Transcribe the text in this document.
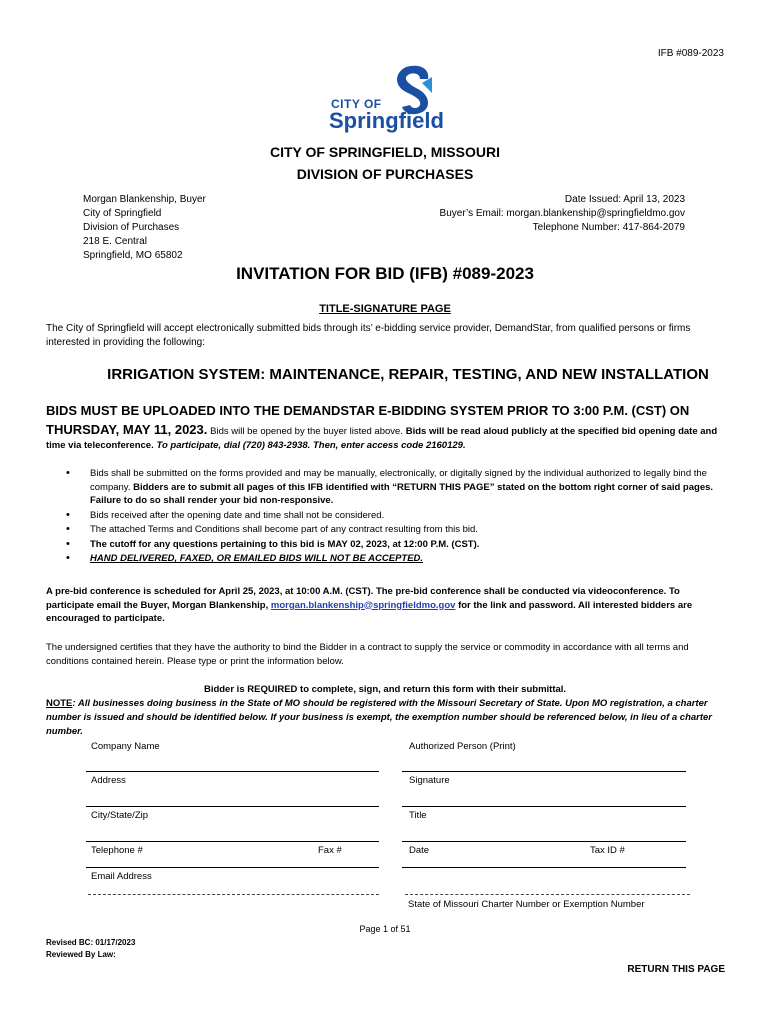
IFB #089-2023
CITY OF
Springfield
CITY OF SPRINGFIELD, MISSOURI
DIVISION OF PURCHASES
Morgan Blankenship, Buyer
City of Springfield
Division of Purchases
218 E. Central
Springfield, MO 65802
Date Issued: April 13, 2023
Buyer’s Email: morgan.blankenship@springfieldmo.gov
Telephone Number: 417-864-2079
INVITATION FOR BID (IFB) #089-2023
TITLE-SIGNATURE PAGE
The City of Springfield will accept electronically submitted bids through its’ e-bidding service provider, DemandStar, from qualified persons or firms interested in providing the following:
IRRIGATION SYSTEM: MAINTENANCE, REPAIR, TESTING, AND NEW INSTALLATION
BIDS MUST BE UPLOADED INTO THE DEMANDSTAR E-BIDDING SYSTEM PRIOR TO 3:00 P.M. (CST) ON THURSDAY, MAY 11, 2023. Bids will be opened by the buyer listed above. Bids will be read aloud publicly at the specified bid opening date and time via teleconference. To participate, dial (720) 843-2938. Then, enter access code 2160129.
• Bids shall be submitted on the forms provided and may be manually, electronically, or digitally signed by the individual authorized to legally bind the company. Bidders are to submit all pages of this IFB identified with “RETURN THIS PAGE” stated on the bottom right corner of said pages. Failure to do so shall render your bid non-responsive.
• Bids received after the opening date and time shall not be considered.
• The attached Terms and Conditions shall become part of any contract resulting from this bid.
• The cutoff for any questions pertaining to this bid is MAY 02, 2023, at 12:00 P.M. (CST).
• HAND DELIVERED, FAXED, OR EMAILED BIDS WILL NOT BE ACCEPTED.
A pre-bid conference is scheduled for April 25, 2023, at 10:00 A.M. (CST). The pre-bid conference shall be conducted via videoconference. To participate email the Buyer, Morgan Blankenship, morgan.blankenship@springfieldmo.gov for the link and password. All interested bidders are encouraged to participate.
The undersigned certifies that they have the authority to bind the Bidder in a contract to supply the service or commodity in accordance with all terms and conditions contained herein. Please type or print the information below.
Bidder is REQUIRED to complete, sign, and return this form with their submittal.
NOTE: All businesses doing business in the State of MO should be registered with the Missouri Secretary of State. Upon MO registration, a charter number is issued and should be identified below. If your business is exempt, the exemption number should be referenced below, in lieu of a charter number.
Company Name	Authorized Person (Print)
Address	Signature
City/State/Zip	Title
Telephone #	Fax #	Date	Tax ID #
Email Address
State of Missouri Charter Number or Exemption Number
Page 1 of 51
Revised BC: 01/17/2023
Reviewed By Law:
RETURN THIS PAGE
